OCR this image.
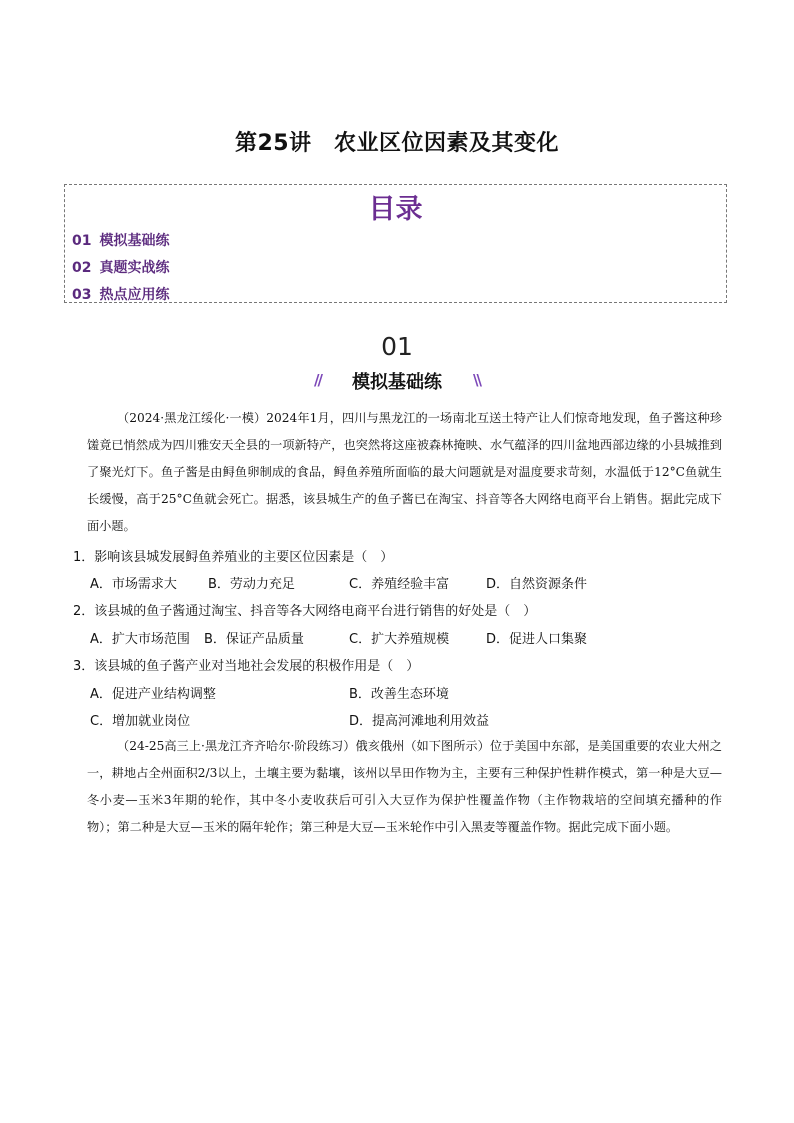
第25讲　农业区位因素及其变化
目录
01 模拟基础练
02 真题实战练
03 热点应用练
01
// 模拟基础练 \\

（2024·黑龙江绥化·一模）2024年1月，四川与黑龙江的一场南北互送土特产让人们惊奇地发现，鱼子酱这种珍馐竟已悄然成为四川雅安天全县的一项新特产，也突然将这座被森林掩映、水气蕴泽的四川盆地西部边缘的小县城推到了聚光灯下。鱼子酱是由鲟鱼卵制成的食品，鲟鱼养殖所面临的最大问题就是对温度要求苛刻，水温低于12°C鱼就生长缓慢，高于25°C鱼就会死亡。据悉，该县城生产的鱼子酱已在淘宝、抖音等各大网络电商平台上销售。据此完成下面小题。

1．影响该县城发展鲟鱼养殖业的主要区位因素是（　）
A．市场需求大 B．劳动力充足	C．养殖经验丰富	D．自然资源条件
2．该县城的鱼子酱通过淘宝、抖音等各大网络电商平台进行销售的好处是（　）
A．扩大市场范围 B．保证产品质量	C．扩大养殖规模	D．促进人口集聚
3．该县城的鱼子酱产业对当地社会发展的积极作用是（　）
A．促进产业结构调整	B．改善生态环境
C．增加就业岗位	D．提高河滩地利用效益

（24-25高三上·黑龙江齐齐哈尔·阶段练习）俄亥俄州（如下图所示）位于美国中东部，是美国重要的农业大州之一，耕地占全州面积2/3以上，土壤主要为黏壤，该州以旱田作物为主，主要有三种保护性耕作模式，第一种是大豆—冬小麦—玉米3年期的轮作，其中冬小麦收获后可引入大豆作为保护性覆盖作物（主作物栽培的空间填充播种的作物）；第二种是大豆—玉米的隔年轮作；第三种是大豆—玉米轮作中引入黑麦等覆盖作物。据此完成下面小题。
